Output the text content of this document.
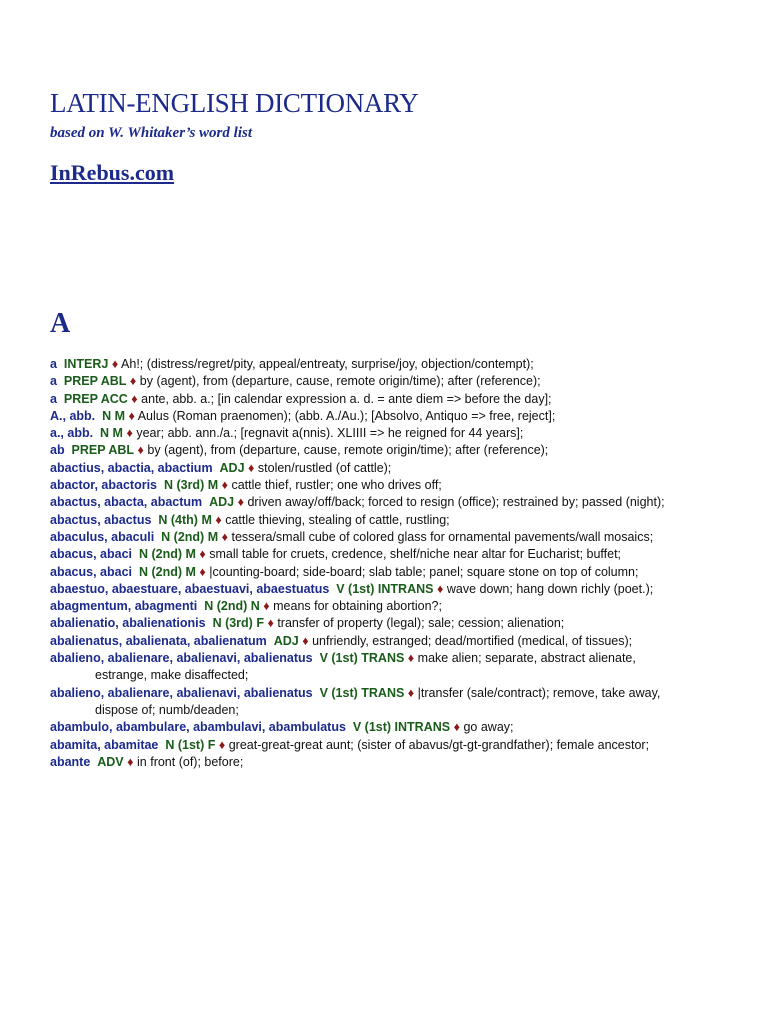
LATIN-ENGLISH DICTIONARY
based on W. Whitaker’s word list
InRebus.com
A

a INTERJ ♦ Ah!; (distress/regret/pity, appeal/entreaty, surprise/joy, objection/contempt);

a PREP ABL ♦ by (agent), from (departure, cause, remote origin/time); after (reference);

a PREP ACC ♦ ante, abb. a.; [in calendar expression a. d. = ante diem => before the day];

A., abb. N M ♦ Aulus (Roman praenomen); (abb. A./Au.); [Absolvo, Antiquo => free, reject];

a., abb. N M ♦ year; abb. ann./a.; [regnavit a(nnis). XLIIII => he reigned for 44 years];

ab PREP ABL ♦ by (agent), from (departure, cause, remote origin/time); after (reference);

abactius, abactia, abactium ADJ ♦ stolen/rustled (of cattle);

abactor, abactoris N (3rd) M ♦ cattle thief, rustler; one who drives off;

abactus, abacta, abactum ADJ ♦ driven away/off/back; forced to resign (office); restrained by; passed (night);

abactus, abactus N (4th) M ♦ cattle thieving, stealing of cattle, rustling;

abaculus, abaculi N (2nd) M ♦ tessera/small cube of colored glass for ornamental pavements/wall mosaics;

abacus, abaci N (2nd) M ♦ small table for cruets, credence, shelf/niche near altar for Eucharist; buffet;

abacus, abaci N (2nd) M ♦ |counting-board; side-board; slab table; panel; square stone on top of column;

abaestuo, abaestuare, abaestuavi, abaestuatus V (1st) INTRANS ♦ wave down; hang down richly (poet.);

abagmentum, abagmenti N (2nd) N ♦ means for obtaining abortion?;

abalienatio, abalienationis N (3rd) F ♦ transfer of property (legal); sale; cession; alienation;

abalienatus, abalienata, abalienatum ADJ ♦ unfriendly, estranged; dead/mortified (medical, of tissues);

abalieno, abalienare, abalienavi, abalienatus V (1st) TRANS ♦ make alien; separate, abstract alienate, estrange, make disaffected;

abalieno, abalienare, abalienavi, abalienatus V (1st) TRANS ♦ |transfer (sale/contract); remove, take away, dispose of; numb/deaden;

abambulo, abambulare, abambulavi, abambulatus V (1st) INTRANS ♦ go away;

abamita, abamitae N (1st) F ♦ great-great-great aunt; (sister of abavus/gt-gt-grandfather); female ancestor;

abante ADV ♦ in front (of); before;
